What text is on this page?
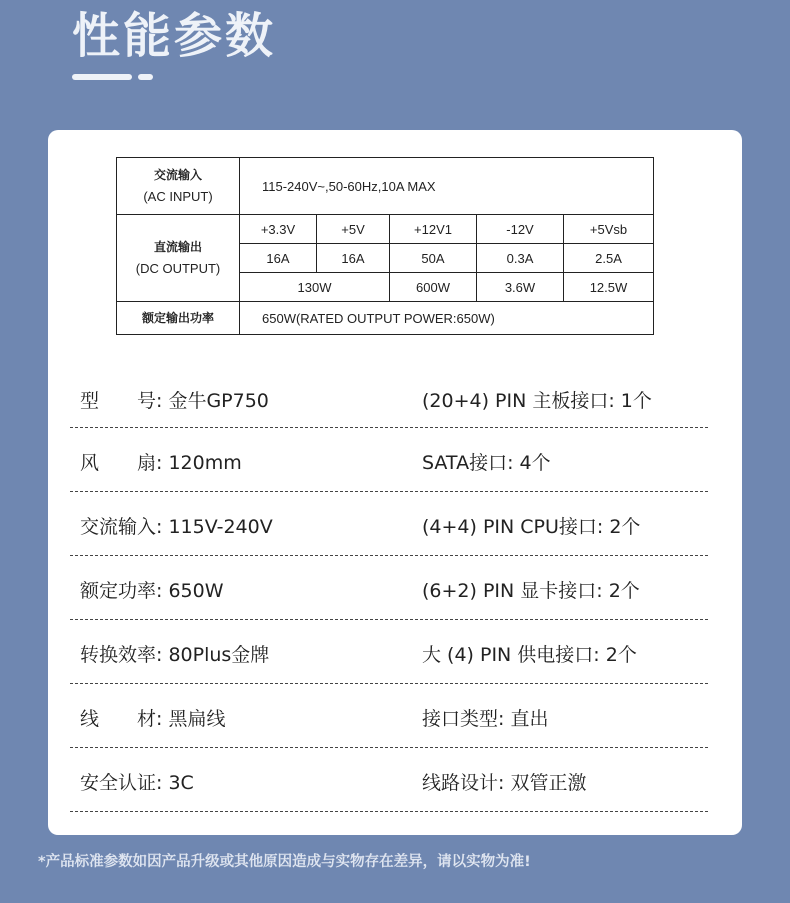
性能参数
交流输入
(AC INPUT)	115-240V~,50-60Hz,10A MAX				
直流输出
(DC OUTPUT)	+3.3V	+5V	+12V1	-12V	+5Vsb
	16A	16A	50A	0.3A	2.5A
	130W		600W	3.6W	12.5W
额定输出功率	650W(RATED OUTPUT POWER:650W)				
型　　号: 金牛GP750	(20+4) PIN 主板接口: 1个
风　　扇: 120mm	SATA接口: 4个
交流输入: 115V-240V	(4+4) PIN CPU接口: 2个
额定功率: 650W	(6+2) PIN 显卡接口: 2个
转换效率: 80Plus金牌	大 (4) PIN 供电接口: 2个
线　　材: 黑扁线	接口类型: 直出
安全认证: 3C	线路设计: 双管正激
*产品标准参数如因产品升级或其他原因造成与实物存在差异，请以实物为准!
